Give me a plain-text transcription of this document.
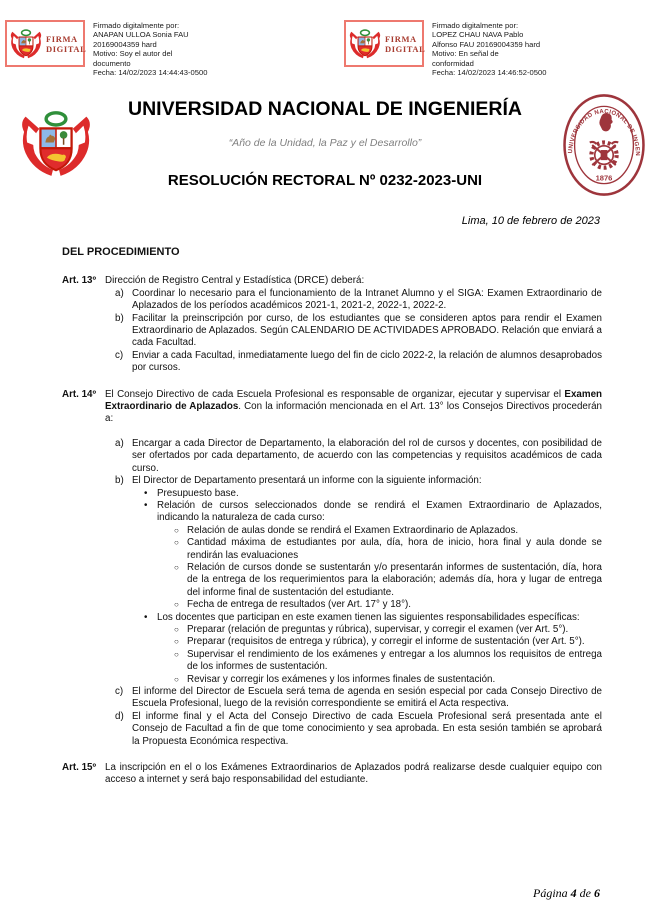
FIRMA
DIGITAL
Firmado digitalmente por:
ANAPAN ULLOA Sonia FAU
20169004359 hard
Motivo: Soy el autor del
documento
Fecha: 14/02/2023 14:44:43-0500
FIRMA
DIGITAL
Firmado digitalmente por:
LOPEZ CHAU NAVA Pablo
Alfonso FAU 20169004359 hard
Motivo: En señal de
conformidad
Fecha: 14/02/2023 14:46:52-0500
UNIVERSIDAD NACIONAL DE INGENIERÍA
“Año de la Unidad, la Paz y el Desarrollo”
RESOLUCIÓN RECTORAL Nº 0232-2023-UNI
Lima, 10 de febrero de 2023
DEL PROCEDIMIENTO
Art. 13º Dirección de Registro Central y Estadística (DRCE) deberá:
a) Coordinar lo necesario para el funcionamiento de la Intranet Alumno y el SIGA: Examen Extraordinario de Aplazados de los períodos académicos 2021-1, 2021-2, 2022-1, 2022-2.
b) Facilitar la preinscripción por curso, de los estudiantes que se consideren aptos para rendir el Examen Extraordinario de Aplazados. Según CALENDARIO DE ACTIVIDADES APROBADO. Relación que enviará a cada Facultad.
c) Enviar a cada Facultad, inmediatamente luego del fin de ciclo 2022-2, la relación de alumnos desaprobados por cursos.
Art. 14º El Consejo Directivo de cada Escuela Profesional es responsable de organizar, ejecutar y supervisar el Examen Extraordinario de Aplazados. Con la información mencionada en el Art. 13° los Consejos Directivos procederán a:
a) Encargar a cada Director de Departamento, la elaboración del rol de cursos y docentes, con posibilidad de ser ofertados por cada departamento, de acuerdo con las competencias y requisitos académicos de cada curso.
b) El Director de Departamento presentará un informe con la siguiente información:
• Presupuesto base.
• Relación de cursos seleccionados donde se rendirá el Examen Extraordinario de Aplazados, indicando la naturaleza de cada curso:
○ Relación de aulas donde se rendirá el Examen Extraordinario de Aplazados.
○ Cantidad máxima de estudiantes por aula, día, hora de inicio, hora final y aula donde se rendirán las evaluaciones
○ Relación de cursos donde se sustentarán y/o presentarán informes de sustentación, día, hora de la entrega de los requerimientos para la elaboración; además día, hora y lugar de entrega del informe final de sustentación del estudiante.
○ Fecha de entrega de resultados (ver Art. 17° y 18°).
• Los docentes que participan en este examen tienen las siguientes responsabilidades específicas:
○ Preparar (relación de preguntas y rúbrica), supervisar, y corregir el examen (ver Art. 5°).
○ Preparar (requisitos de entrega y rúbrica), y corregir el informe de sustentación (ver Art. 5°).
○ Supervisar el rendimiento de los exámenes y entregar a los alumnos los requisitos de entrega de los informes de sustentación.
○ Revisar y corregir los exámenes y los informes finales de sustentación.
c) El informe del Director de Escuela será tema de agenda en sesión especial por cada Consejo Directivo de Escuela Profesional, luego de la revisión correspondiente se emitirá el Acta respectiva.
d) El informe final y el Acta del Consejo Directivo de cada Escuela Profesional será presentada ante el Consejo de Facultad a fin de que tome conocimiento y sea aprobada. En esta sesión también se aprobará la Propuesta Económica respectiva.
Art. 15º La inscripción en el o los Exámenes Extraordinarios de Aplazados podrá realizarse desde cualquier equipo con acceso a internet y será bajo responsabilidad del estudiante.
Página 4 de 6
